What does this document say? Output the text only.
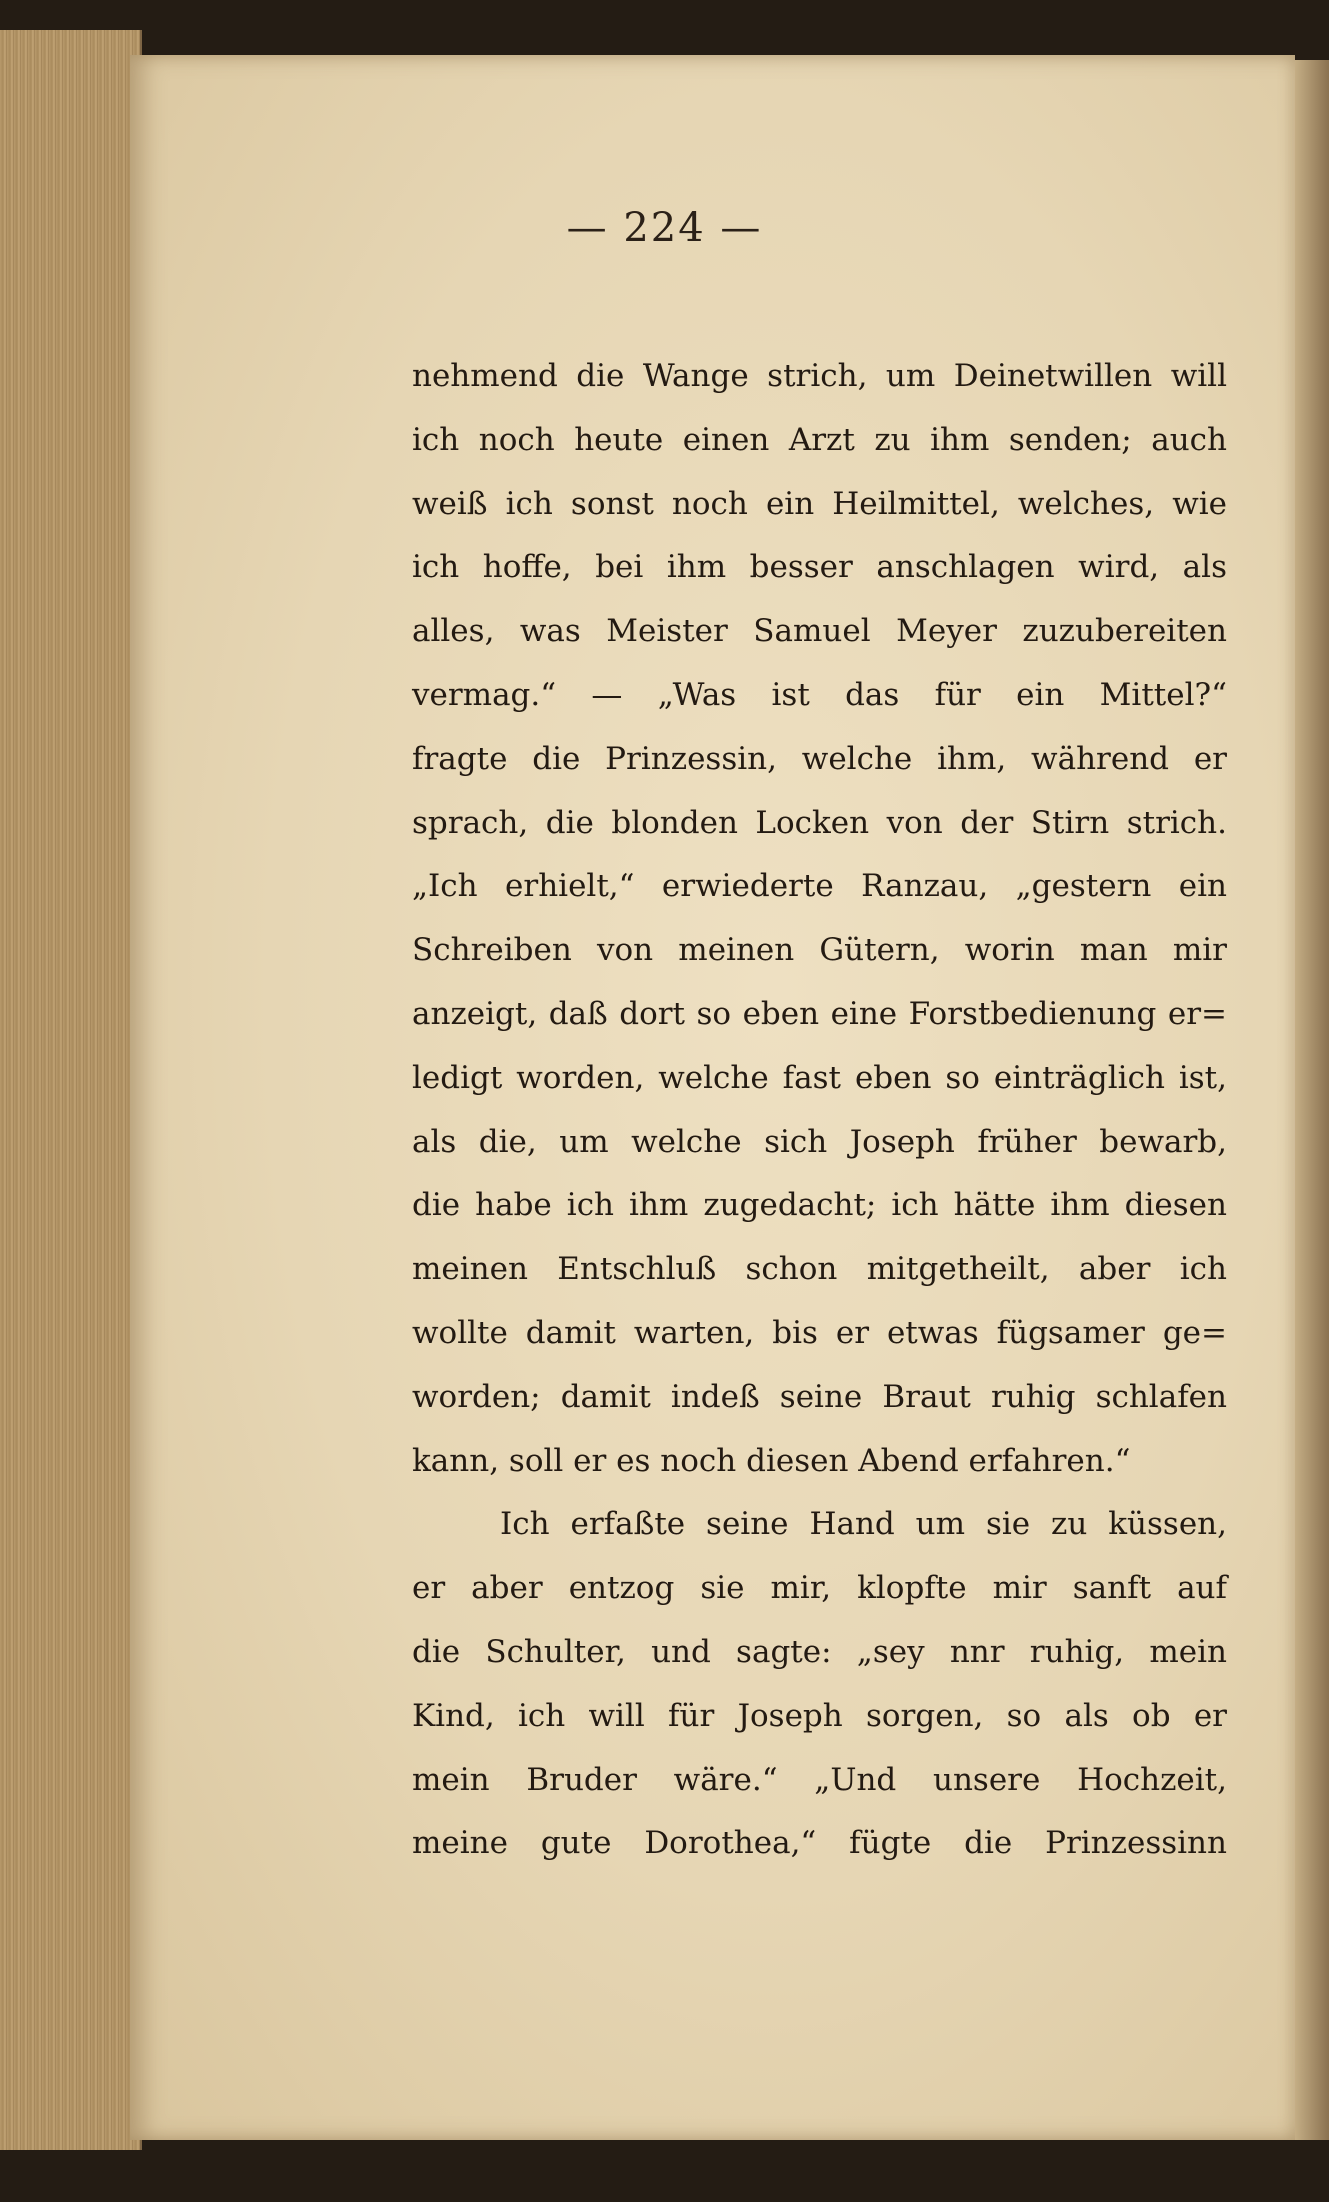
— 224 —
nehmend die Wange strich, um Deinetwillen will
ich noch heute einen Arzt zu ihm senden; auch
weiß ich sonst noch ein Heilmittel, welches, wie
ich hoffe, bei ihm besser anschlagen wird, als
alles, was Meister Samuel Meyer zuzubereiten
vermag.“ — „Was ist das für ein Mittel?“
fragte die Prinzessin, welche ihm, während er
sprach, die blonden Locken von der Stirn strich.
„Ich erhielt,“ erwiederte Ranzau, „gestern ein
Schreiben von meinen Gütern, worin man mir
anzeigt, daß dort so eben eine Forstbedienung er=
ledigt worden, welche fast eben so einträglich ist,
als die, um welche sich Joseph früher bewarb,
die habe ich ihm zugedacht; ich hätte ihm diesen
meinen Entschluß schon mitgetheilt, aber ich
wollte damit warten, bis er etwas fügsamer ge=
worden; damit indeß seine Braut ruhig schlafen
kann, soll er es noch diesen Abend erfahren.“
Ich erfaßte seine Hand um sie zu küssen,
er aber entzog sie mir, klopfte mir sanft auf
die Schulter, und sagte: „sey nnr ruhig, mein
Kind, ich will für Joseph sorgen, so als ob er
mein Bruder wäre.“ „Und unsere Hochzeit,
meine gute Dorothea,“ fügte die Prinzessinn
